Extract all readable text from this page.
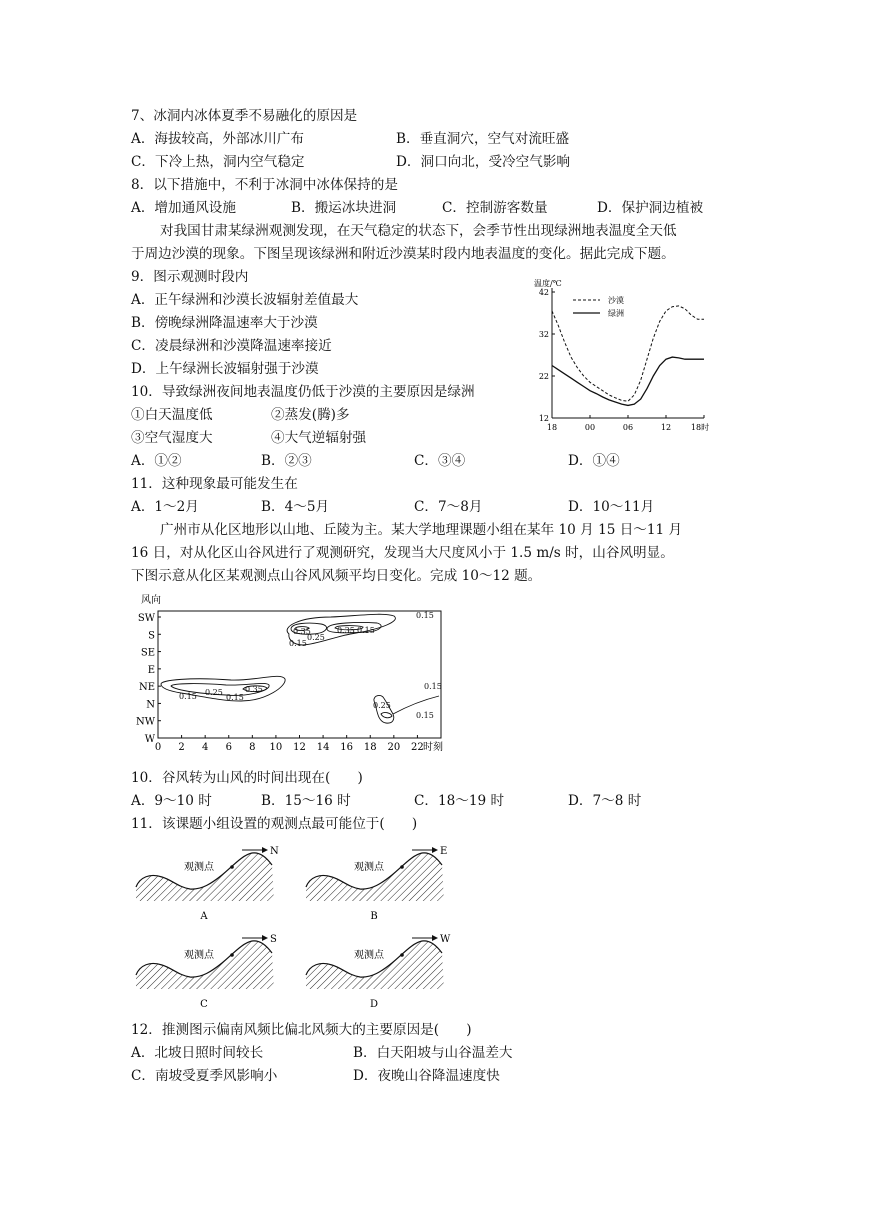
7、冰洞内冰体夏季不易融化的原因是
A．海拔较高，外部冰川广布	B．垂直洞穴，空气对流旺盛
C．下冷上热，洞内空气稳定	D．洞口向北，受冷空气影响
8．以下措施中，不利于冰洞中冰体保持的是
A．增加通风设施	B．搬运冰块进洞	C．控制游客数量	D．保护洞边植被
对我国甘肃某绿洲观测发现，在天气稳定的状态下，会季节性出现绿洲地表温度全天低
于周边沙漠的现象。下图呈现该绿洲和附近沙漠某时段内地表温度的变化。据此完成下题。
9．图示观测时段内
A．正午绿洲和沙漠长波辐射差值最大
B．傍晚绿洲降温速率大于沙漠
C．凌晨绿洲和沙漠降温速率接近
D．上午绿洲长波辐射强于沙漠
10．导致绿洲夜间地表温度仍低于沙漠的主要原因是绿洲
①白天温度低	②蒸发(腾)多
③空气湿度大	④大气逆辐射强
A．①②	B．②③	C．③④	D．①④
11．这种现象最可能发生在
A．1～2月	B．4～5月	C．7～8月	D．10～11月
温度/℃
12
22
32
42
18	00	06	12 18时
沙漠
绿洲
广州市从化区地形以山地、丘陵为主。某大学地理课题小组在某年 10 月 15 日～11 月
16 日，对从化区山谷风进行了观测研究，发现当大尺度风小于 1.5 m/s 时，山谷风明显。
下图示意从化区某观测点山谷风风频平均日变化。完成 10～12 题。
风向
0 2 4 6 8 10 12 14 16 18 20 22
W
NW
N
NE
E
SE
S
SW	0.15
0.35
0.25
0.15
0.35 0.15
0.15 0.25	0.35
0.15
0.15
0.25
0.15
时刻
10．谷风转为山风的时间出现在(　　)
A．9～10 时	B．15～16 时	C．18～19 时	D．7～8 时
11．该课题小组设置的观测点最可能位于(　　)
观测点
N
A
观测点
E
B
观测点
S
C
观测点
W
D
12．推测图示偏南风频比偏北风频大的主要原因是(　　)
A．北坡日照时间较长	B．白天阳坡与山谷温差大
C．南坡受夏季风影响小	D．夜晚山谷降温速度快
